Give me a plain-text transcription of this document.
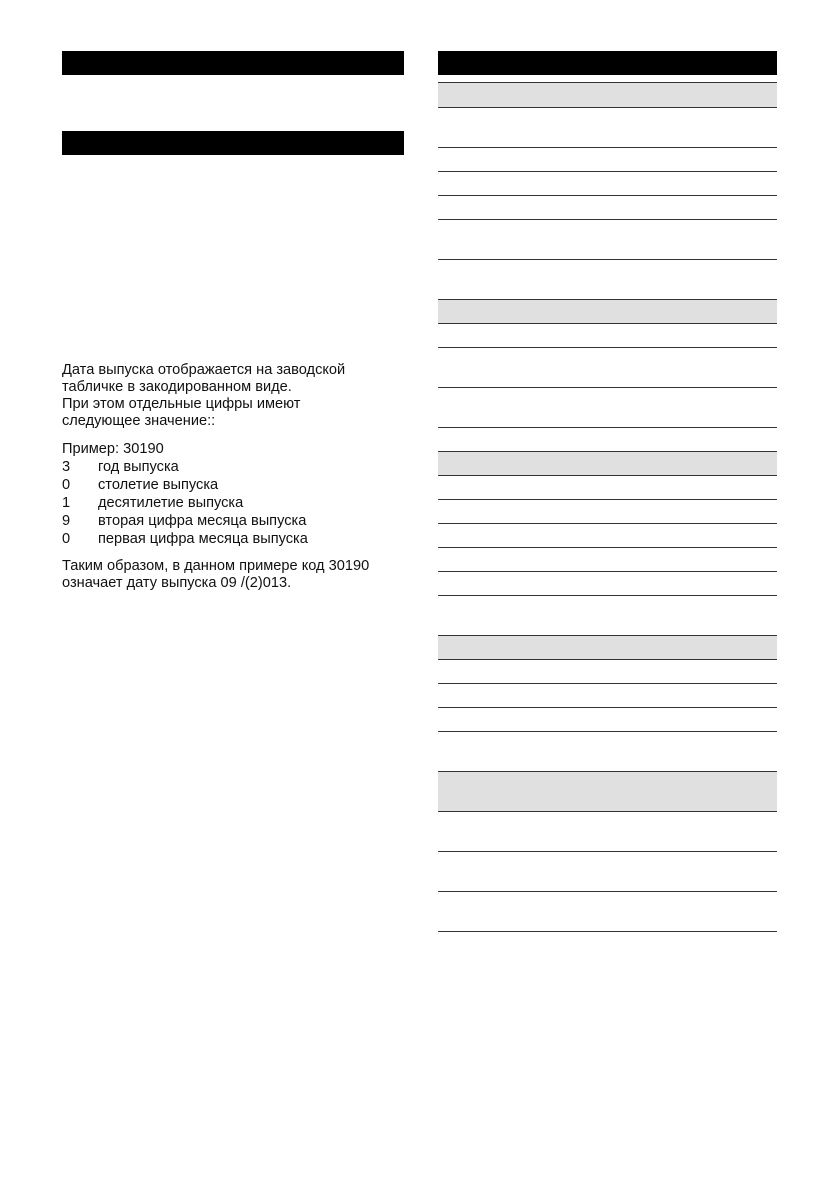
Дата выпуска отображается на заводской
табличке в закодированном виде.
При этом отдельные цифры имеют
следующее значение::

Пример: 30190
3	год выпуска
0	столетие выпуска
1	десятилетие выпуска
9	вторая цифра месяца выпуска
0	первая цифра месяца выпуска

Таким образом, в данном примере код 30190
означает дату выпуска 09 /(2)013.
